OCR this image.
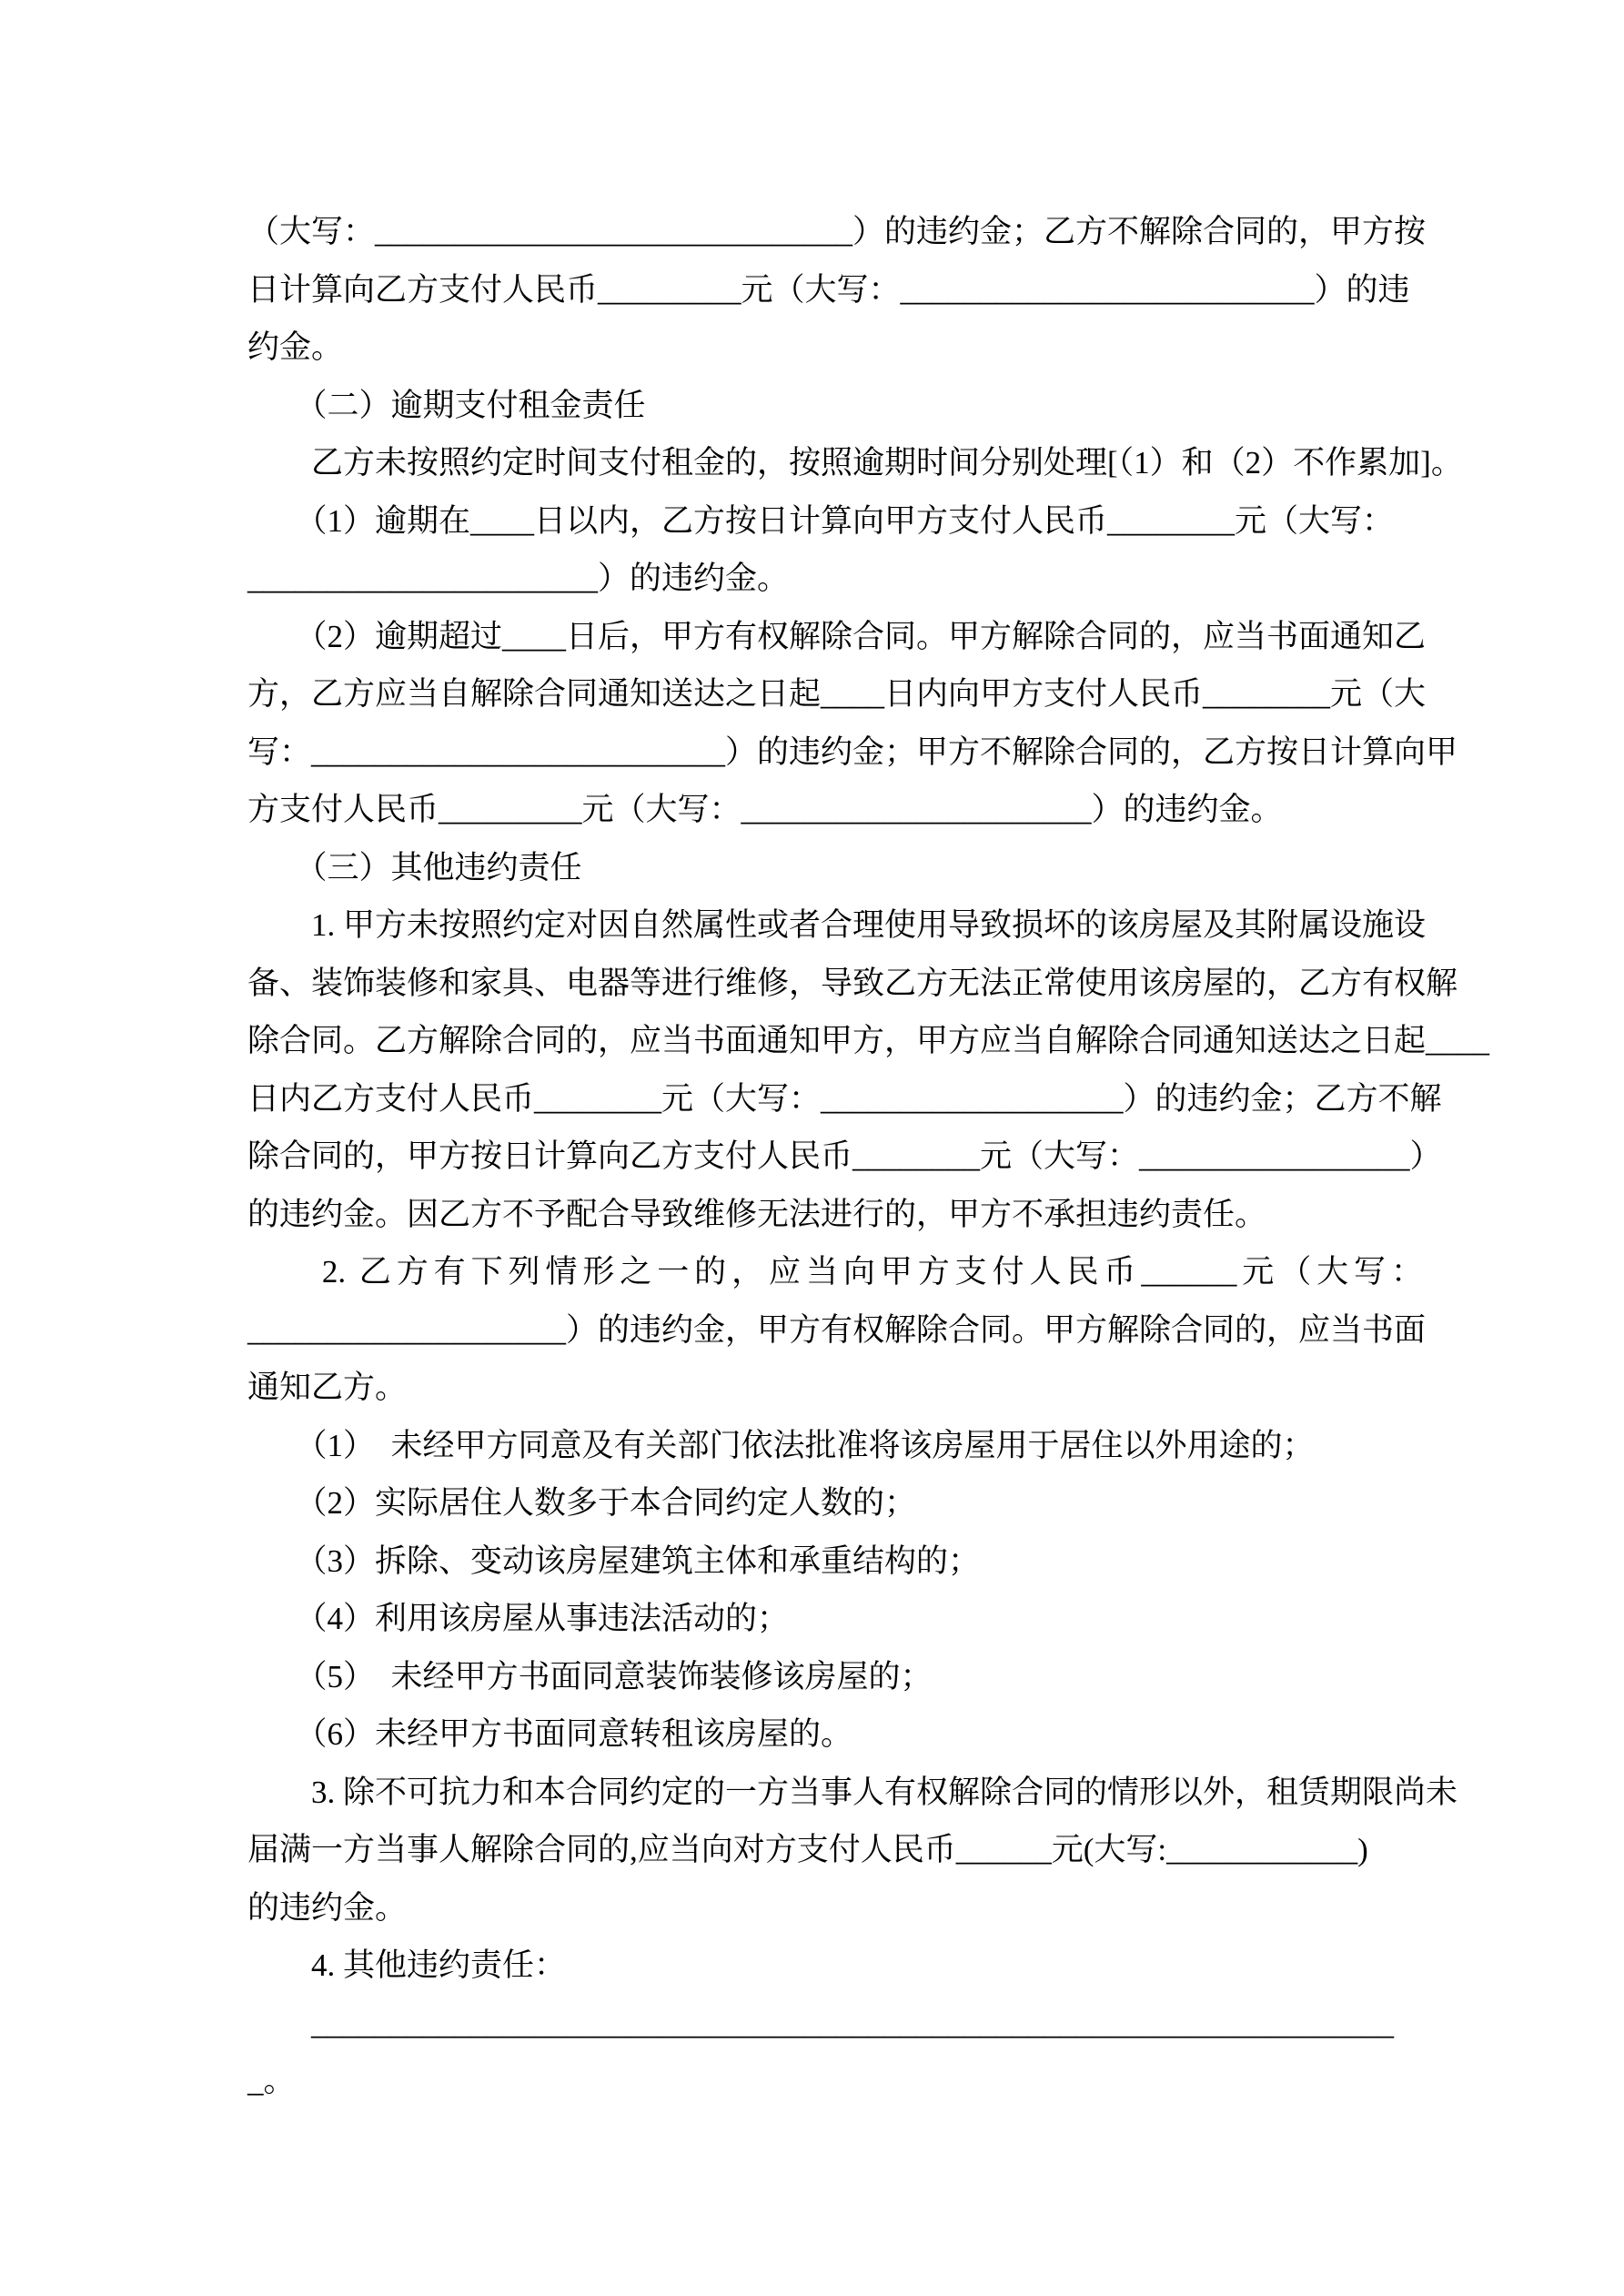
（大写：______________________________）的违约金；乙方不解除合同的，甲方按

日计算向乙方支付人民币_________元（大写：__________________________）的违

约金。

　　（二）逾期支付租金责任

　　乙方未按照约定时间支付租金的，按照逾期时间分别处理[（1）和（2）不作累加]。

　　（1）逾期在____日以内，乙方按日计算向甲方支付人民币________元（大写：

______________________）的违约金。

　　（2）逾期超过____日后，甲方有权解除合同。甲方解除合同的，应当书面通知乙

方，乙方应当自解除合同通知送达之日起____日内向甲方支付人民币________元（大

写：__________________________）的违约金；甲方不解除合同的，乙方按日计算向甲

方支付人民币_________元（大写：______________________）的违约金。

　　（三）其他违约责任

　　1. 甲方未按照约定对因自然属性或者合理使用导致损坏的该房屋及其附属设施设

备、装饰装修和家具、电器等进行维修，导致乙方无法正常使用该房屋的，乙方有权解

除合同。乙方解除合同的，应当书面通知甲方，甲方应当自解除合同通知送达之日起____

日内乙方支付人民币________元（大写：___________________）的违约金；乙方不解

除合同的，甲方按日计算向乙方支付人民币________元（大写：_________________）

的违约金。因乙方不予配合导致维修无法进行的，甲方不承担违约责任。

　　2. 乙方有下列情形之一的，应当向甲方支付人民币______元（大写：

____________________）的违约金，甲方有权解除合同。甲方解除合同的，应当书面

通知乙方。

　　（1）　未经甲方同意及有关部门依法批准将该房屋用于居住以外用途的；

　　（2）实际居住人数多于本合同约定人数的；

　　（3）拆除、变动该房屋建筑主体和承重结构的；

　　（4）利用该房屋从事违法活动的；

　　（5）　未经甲方书面同意装饰装修该房屋的；

　　（6）未经甲方书面同意转租该房屋的。

　　3. 除不可抗力和本合同约定的一方当事人有权解除合同的情形以外，租赁期限尚未

届满一方当事人解除合同的,应当向对方支付人民币______元(大写:____________)

的违约金。

　　4. 其他违约责任：

　　____________________________________________________________________

_。
